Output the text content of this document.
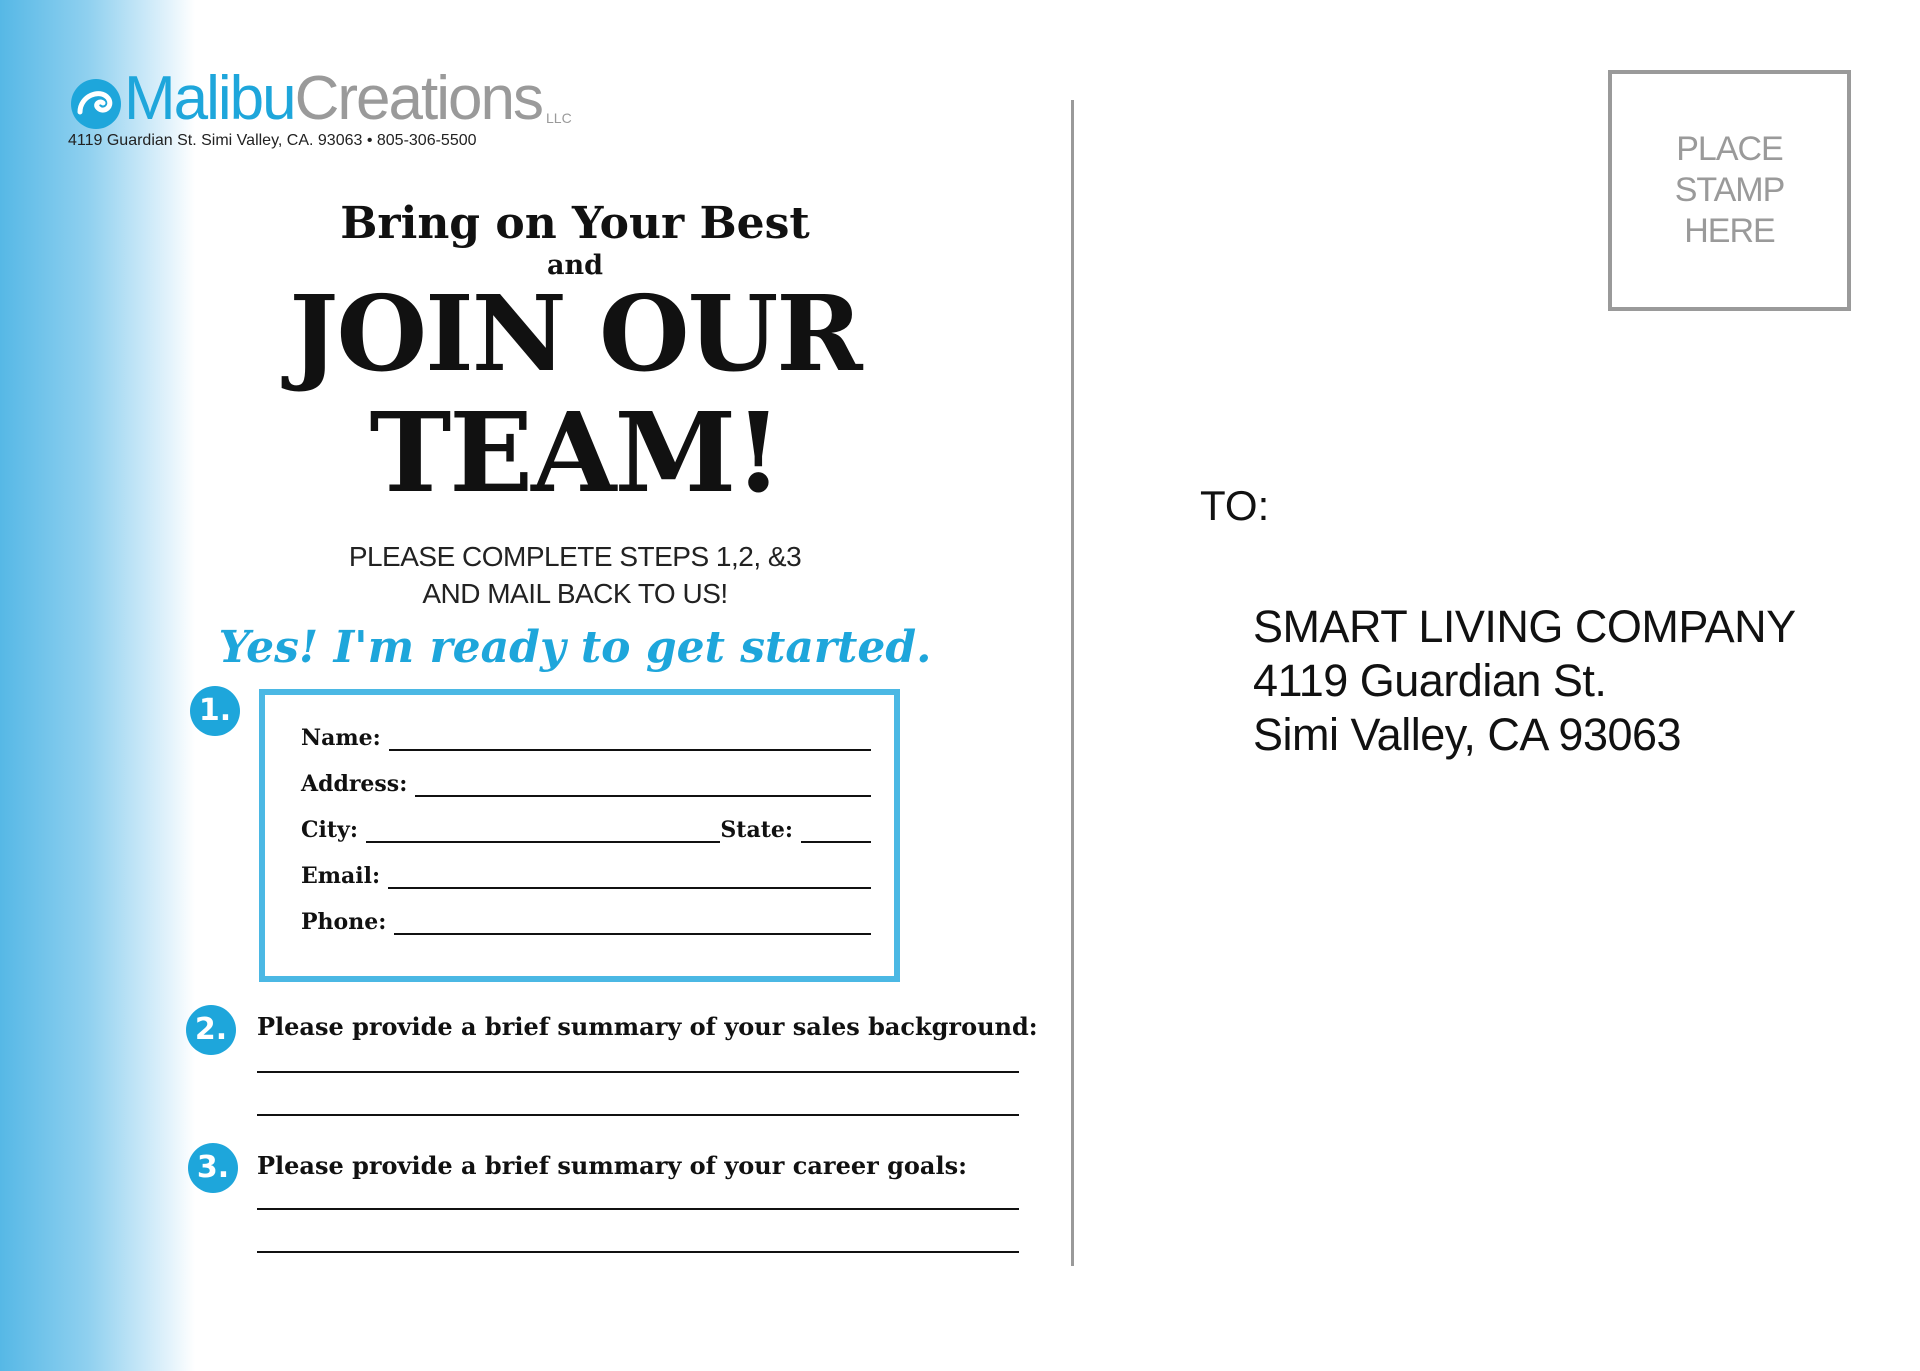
Malibu Creations LLC
4119 Guardian St. Simi Valley, CA. 93063 • 805-306-5500
Bring on Your Best
and
JOIN OUR
TEAM!
PLEASE COMPLETE STEPS 1,2, &3
AND MAIL BACK TO US!
Yes! I'm ready to get started.
1.
Name:
Address:
City:	State:
Email:
Phone:
2.	Please provide a brief summary of your sales background:
3.	Please provide a brief summary of your career goals:
PLACE
STAMP
HERE
TO:
SMART LIVING COMPANY
4119 Guardian St.
Simi Valley, CA 93063
